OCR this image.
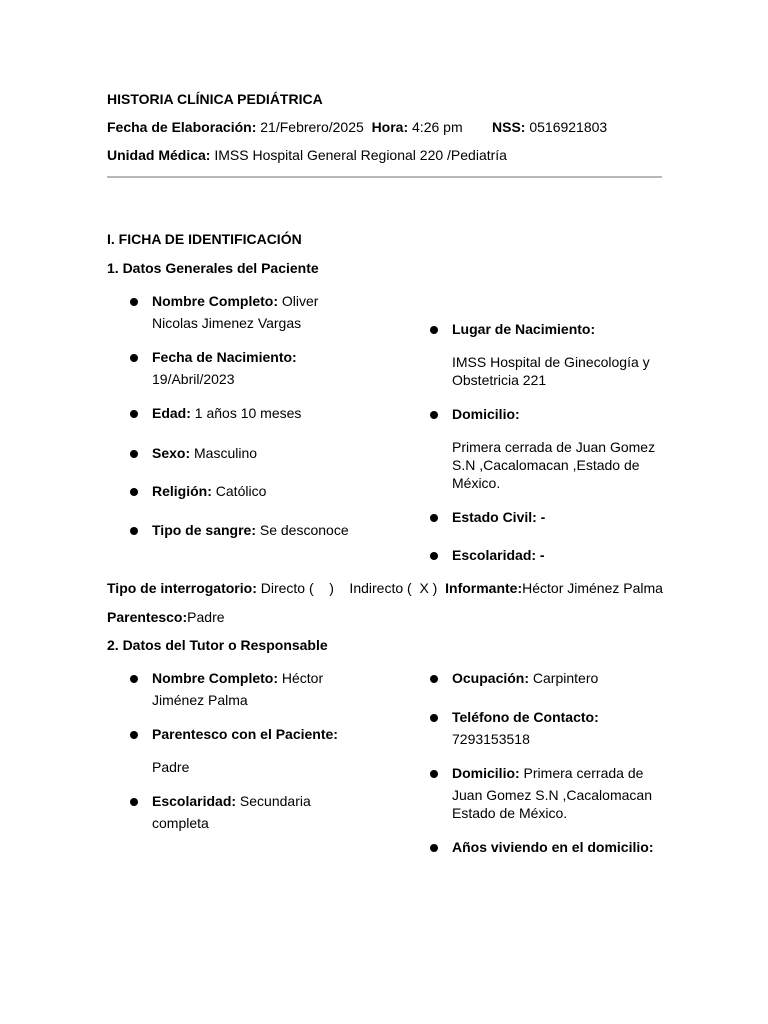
HISTORIA CLÍNICA PEDIÁTRICA
Fecha de Elaboración: 21/Febrero/2025 Hora: 4:26 pm NSS: 0516921803
Unidad Médica: IMSS Hospital General Regional 220 /Pediatría
I. FICHA DE IDENTIFICACIÓN
1. Datos Generales del Paciente
Nombre Completo: Oliver
Nicolas Jimenez Vargas
Fecha de Nacimiento:
19/Abril/2023
Edad: 1 años 10 meses
Sexo: Masculino
Religión: Católico
Tipo de sangre: Se desconoce
Lugar de Nacimiento:
IMSS Hospital de Ginecología y
Obstetricia 221
Domicilio:
Primera cerrada de Juan Gomez
S.N ,Cacalomacan ,Estado de
México.
Estado Civil: -
Escolaridad: -
Tipo de interrogatorio: Directo (    )    Indirecto (  X )  Informante:Héctor Jiménez Palma
Parentesco:Padre
2. Datos del Tutor o Responsable
Nombre Completo: Héctor
Jiménez Palma
Parentesco con el Paciente:
Padre
Escolaridad: Secundaria
completa
Ocupación: Carpintero
Teléfono de Contacto:
7293153518
Domicilio: Primera cerrada de
Juan Gomez S.N ,Cacalomacan
Estado de México.
Años viviendo en el domicilio:
